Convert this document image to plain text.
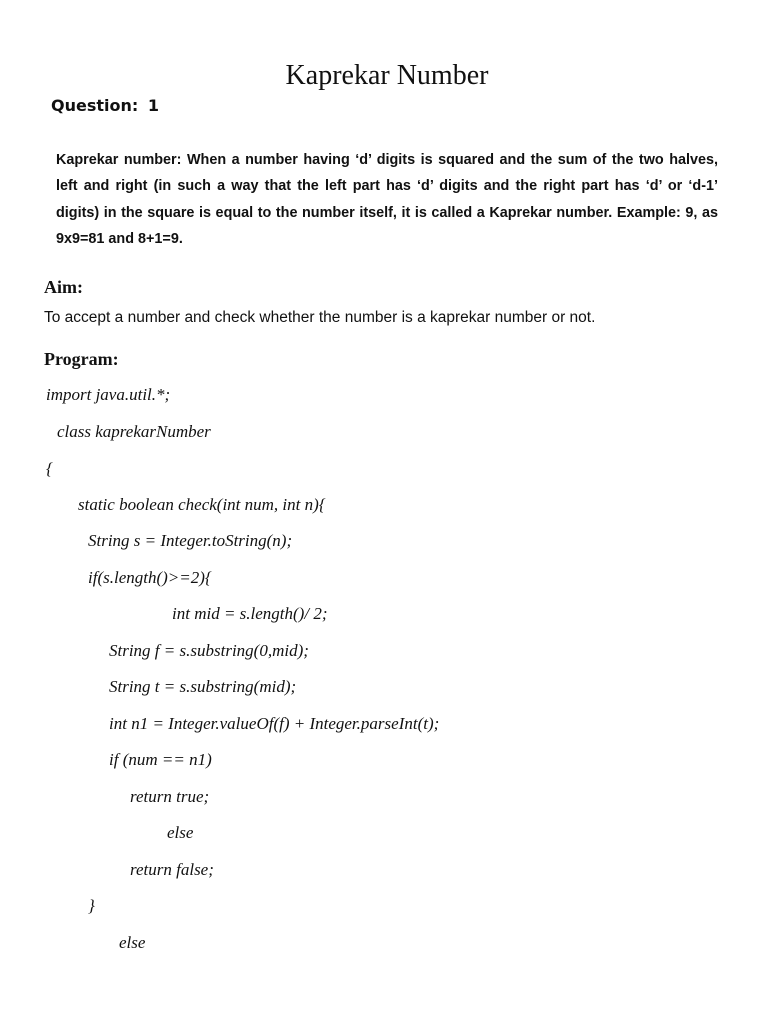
Kaprekar Number

Question: 1

Kaprekar number: When a number having ‘d’ digits is squared and the sum of the two halves, left and right (in such a way that the left part has ‘d’ digits and the right part has ‘d’ or ‘d-1’ digits) in the square is equal to the number itself, it is called a Kaprekar number. Example: 9, as 9x9=81 and 8+1=9.

Aim:

To accept a number and check whether the number is a kaprekar number or not.

Program:

import java.util.*;

class kaprekarNumber

{

static boolean check(int num, int n){

String s = Integer.toString(n);

if(s.length()>=2){

int mid = s.length()/ 2;

String f = s.substring(0,mid);

String t = s.substring(mid);

int n1 = Integer.valueOf(f) + Integer.parseInt(t);

if (num == n1)

return true;

else

return false;

}

else
